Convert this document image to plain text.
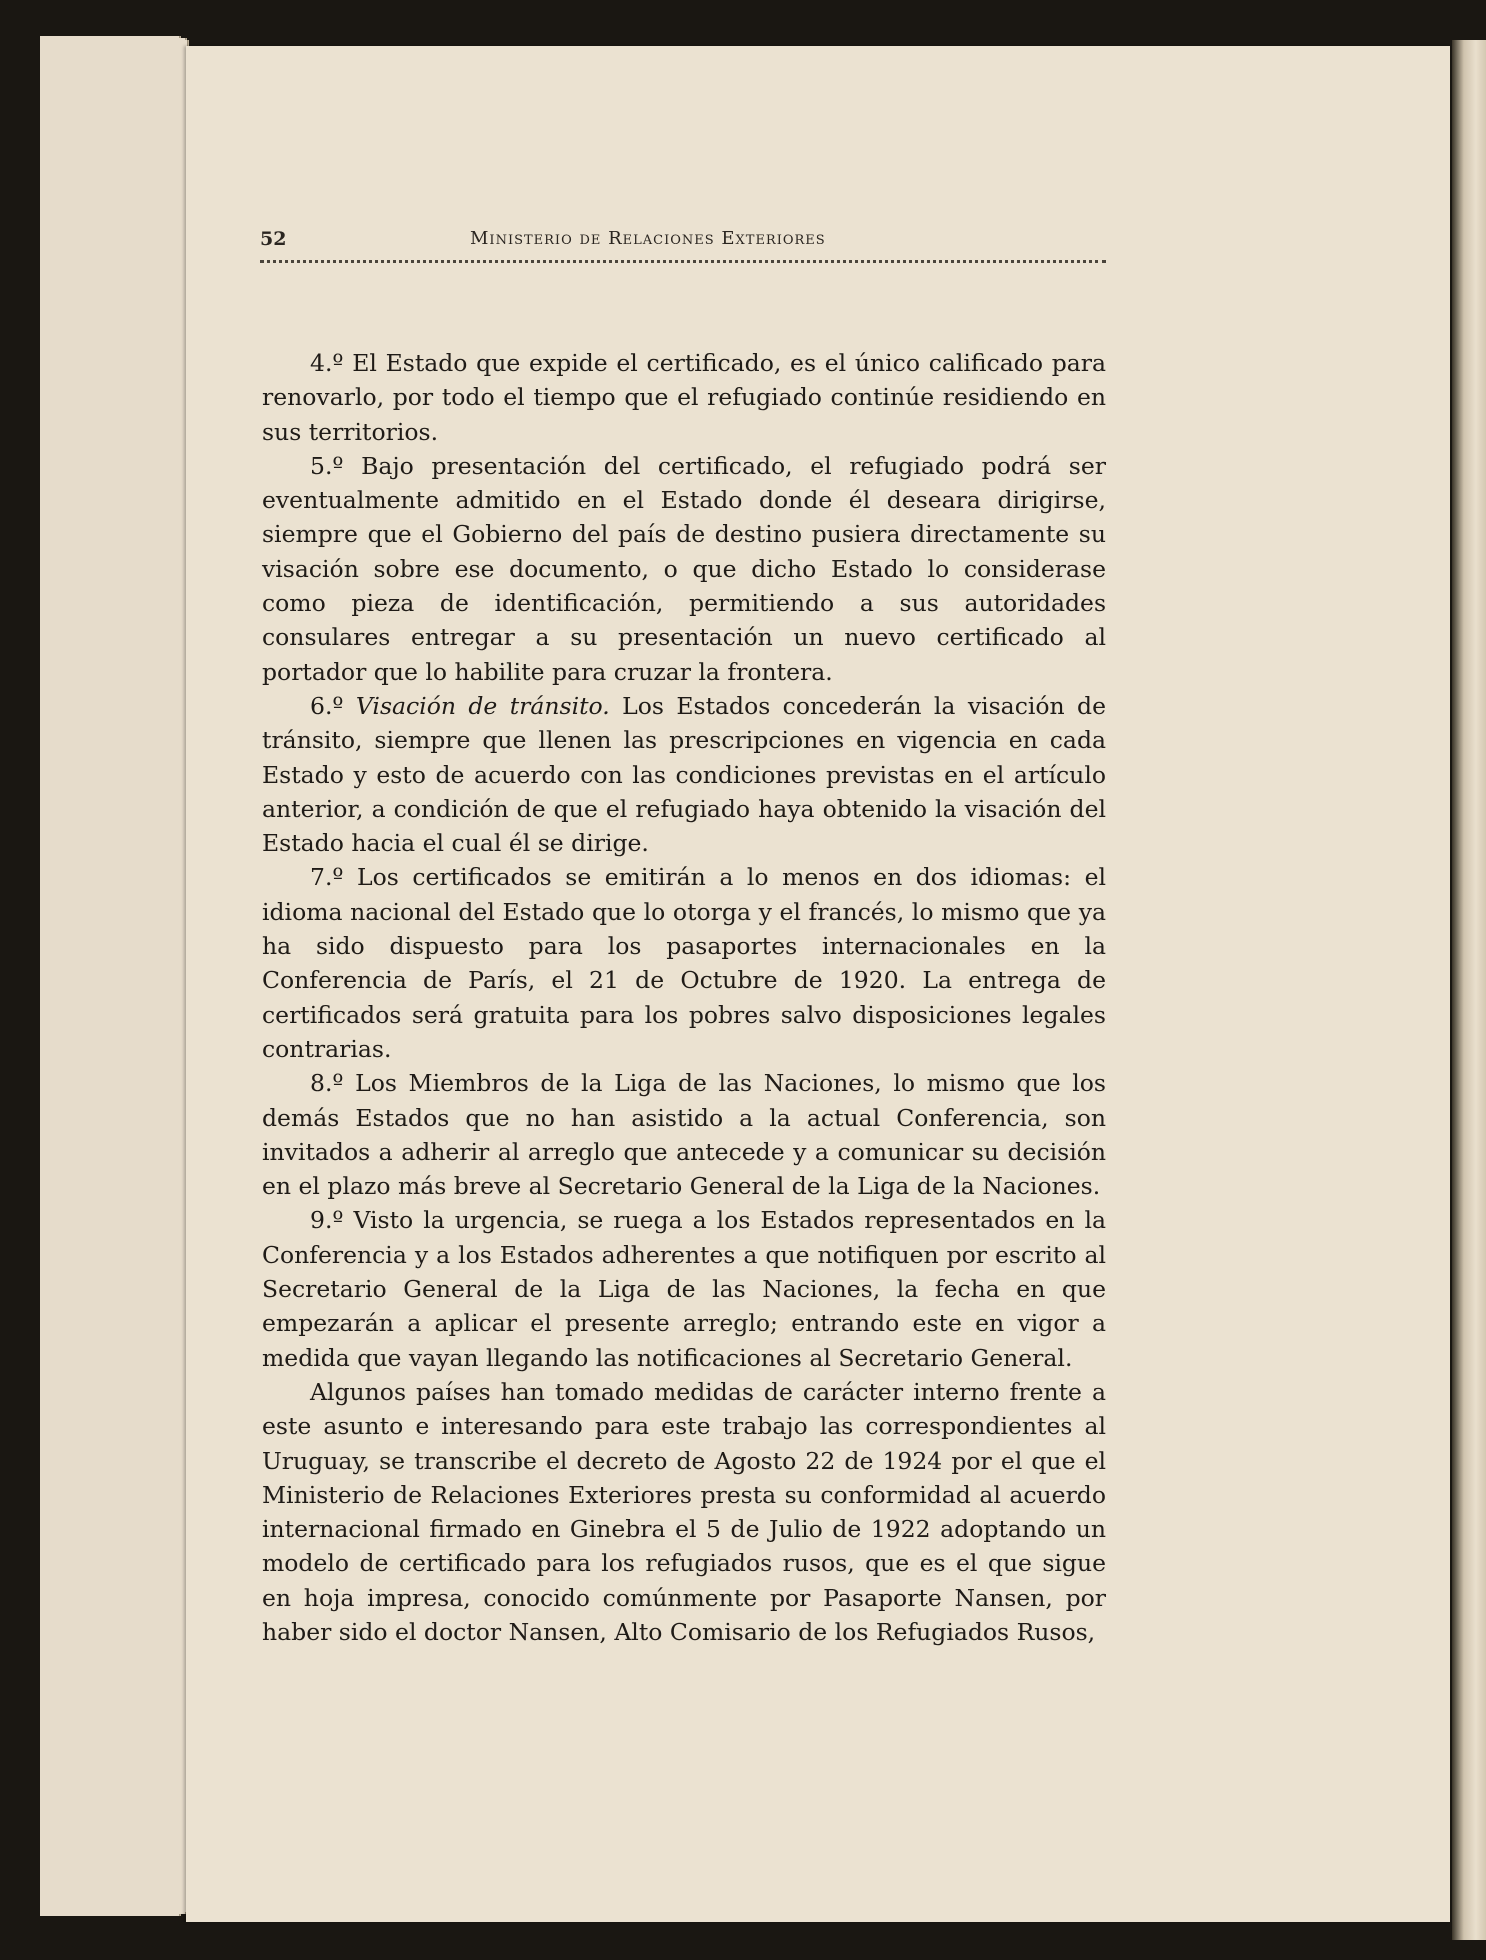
52	Ministerio de Relaciones Exteriores

4.º El Estado que expide el certificado, es el único calificado para renovarlo, por todo el tiempo que el refugiado continúe residiendo en sus territorios.

5.º Bajo presentación del certificado, el refugiado podrá ser eventualmente admitido en el Estado donde él deseara dirigirse, siempre que el Gobierno del país de destino pusiera directamente su visación sobre ese documento, o que dicho Estado lo considerase como pieza de identificación, permitiendo a sus autoridades consulares entregar a su presentación un nuevo certificado al portador que lo habilite para cruzar la frontera.

6.º Visación de tránsito. Los Estados concederán la visación de tránsito, siempre que llenen las prescripciones en vigencia en cada Estado y esto de acuerdo con las condiciones previstas en el artículo anterior, a condición de que el refugiado haya obtenido la visación del Estado hacia el cual él se dirige.

7.º Los certificados se emitirán a lo menos en dos idiomas: el idioma nacional del Estado que lo otorga y el francés, lo mismo que ya ha sido dispuesto para los pasaportes internacionales en la Conferencia de París, el 21 de Octubre de 1920. La entrega de certificados será gratuita para los pobres salvo disposiciones legales contrarias.

8.º Los Miembros de la Liga de las Naciones, lo mismo que los demás Estados que no han asistido a la actual Conferencia, son invitados a adherir al arreglo que antecede y a comunicar su decisión en el plazo más breve al Secretario General de la Liga de la Naciones.

9.º Visto la urgencia, se ruega a los Estados representados en la Conferencia y a los Estados adherentes a que notifiquen por escrito al Secretario General de la Liga de las Naciones, la fecha en que empezarán a aplicar el presente arreglo; entrando este en vigor a medida que vayan llegando las notificaciones al Secretario General.

Algunos países han tomado medidas de carácter interno frente a este asunto e interesando para este trabajo las correspondientes al Uruguay, se transcribe el decreto de Agosto 22 de 1924 por el que el Ministerio de Relaciones Exteriores presta su conformidad al acuerdo internacional firmado en Ginebra el 5 de Julio de 1922 adoptando un modelo de certificado para los refugiados rusos, que es el que sigue en hoja impresa, conocido comúnmente por Pasaporte Nansen, por haber sido el doctor Nansen, Alto Comisario de los Refugiados Rusos,
